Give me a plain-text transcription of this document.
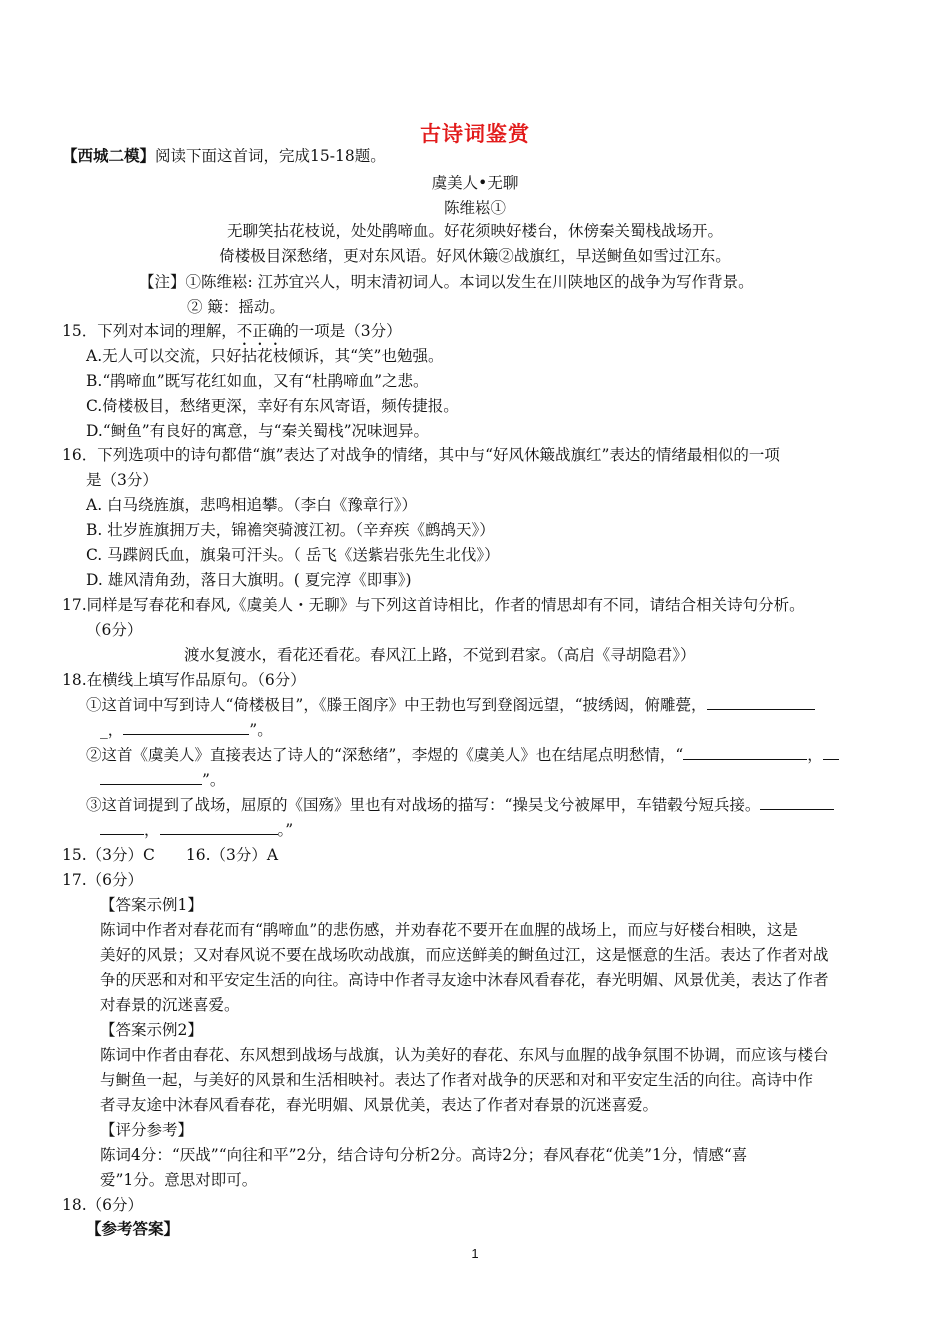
古诗词鉴赏
【西城二模】阅读下面这首词，完成15-18题。
虞美人•无聊
陈维崧①
无聊笑拈花枝说，处处鹃啼血。好花须映好楼台，休傍秦关蜀栈战场开。
倚楼极目深愁绪，更对东风语。好风休簸②战旗红，早送鲥鱼如雪过江东。
【注】①陈维崧: 江苏宜兴人，明末清初词人。本词以发生在川陕地区的战争为写作背景。
② 簸：摇动。
15．下列对本词的理解，不正确的一项是（3分）
A.无人可以交流，只好拈花枝倾诉，其“笑”也勉强。
B.“鹃啼血”既写花红如血，又有“杜鹃啼血”之悲。
C.倚楼极目，愁绪更深，幸好有东风寄语，频传捷报。
D.“鲥鱼”有良好的寓意，与“秦关蜀栈”况味迥异。
16．下列选项中的诗句都借“旗”表达了对战争的情绪，其中与“好风休簸战旗红”表达的情绪最相似的一项
是（3分）
A. 白马绕旌旗，悲鸣相追攀。（李白《豫章行》）
B. 壮岁旌旗拥万夫，锦襜突骑渡江初。（辛弃疾《鹧鸪天》）
C. 马蹀阏氏血，旗枭可汗头。（ 岳飞《送紫岩张先生北伐》）
D. 雄风清角劲，落日大旗明。( 夏完淳《即事》)
17.同样是写春花和春风,《虞美人・无聊》与下列这首诗相比，作者的情思却有不同，请结合相关诗句分析。
（6分）
渡水复渡水，看花还看花。春风江上路，不觉到君家。（高启《寻胡隐君》）
18.在横线上填写作品原句。（6分）
①这首词中写到诗人“倚楼极目”，《滕王阁序》中王勃也写到登阁远望，“披绣闼，俯雕甍，
_，	”。
②这首《虞美人》直接表达了诗人的“深愁绪”，李煜的《虞美人》也在结尾点明愁情，“	，
”。
③这首词提到了战场，屈原的《国殇》里也有对战场的描写：“操吴戈兮被犀甲，车错毂兮短兵接。
，	。”
15.（3分）C　　16.（3分）A
17.（6分）
【答案示例1】
陈词中作者对春花而有“鹃啼血”的悲伤感，并劝春花不要开在血腥的战场上，而应与好楼台相映，这是
美好的风景；又对春风说不要在战场吹动战旗，而应送鲜美的鲥鱼过江，这是惬意的生活。表达了作者对战
争的厌恶和对和平安定生活的向往。高诗中作者寻友途中沐春风看春花，春光明媚、风景优美，表达了作者
对春景的沉迷喜爱。
【答案示例2】
陈词中作者由春花、东风想到战场与战旗，认为美好的春花、东风与血腥的战争氛围不协调，而应该与楼台
与鲥鱼一起，与美好的风景和生活相映衬。表达了作者对战争的厌恶和对和平安定生活的向往。高诗中作
者寻友途中沐春风看春花，春光明媚、风景优美，表达了作者对春景的沉迷喜爱。
【评分参考】
陈词4分：“厌战”“向往和平”2分，结合诗句分析2分。高诗2分；春风春花“优美”1分，情感“喜
爱”1分。意思对即可。
18.（6分）
【参考答案】
1
